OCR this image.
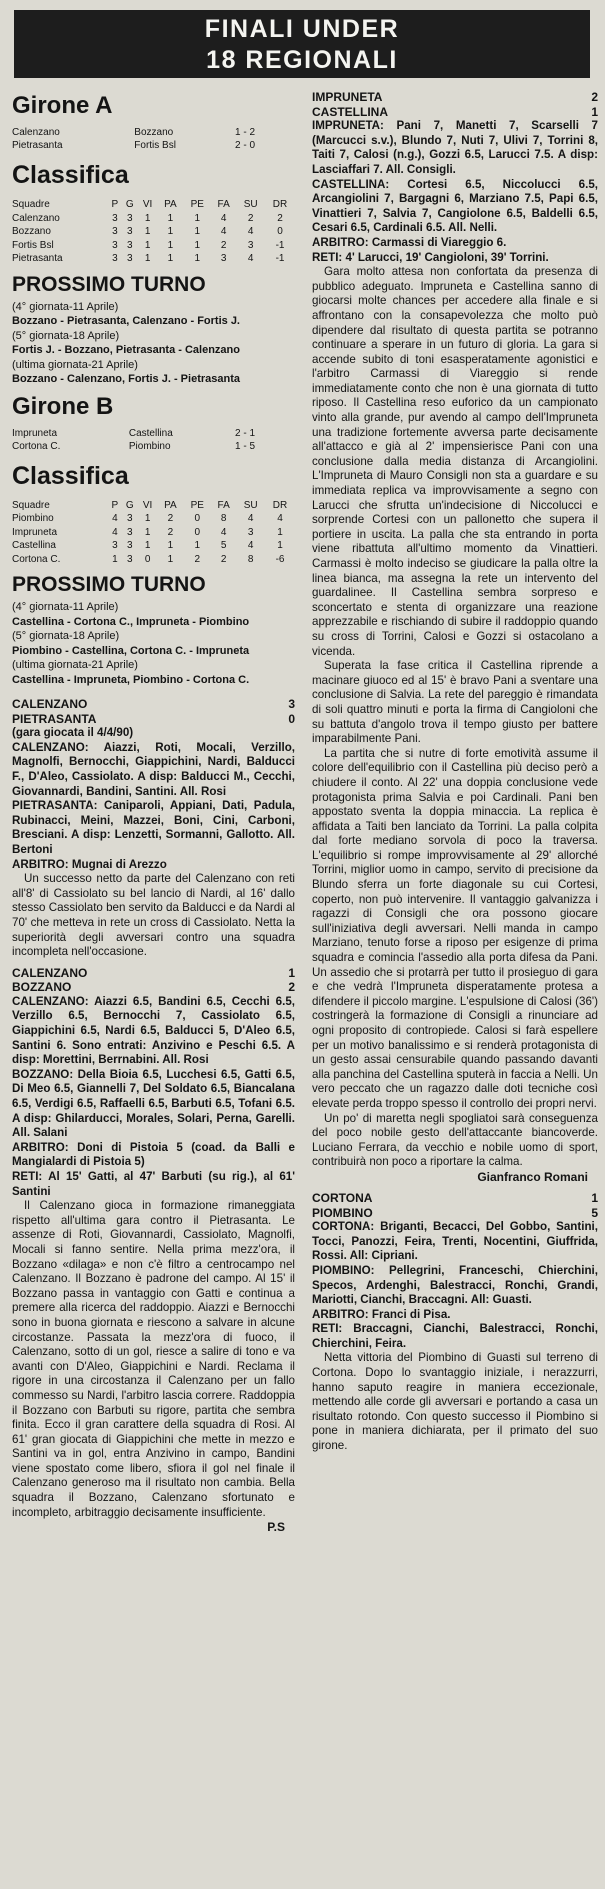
FINALI UNDER
18 REGIONALI
Girone A
Calenzano	Bozzano	1 - 2
Pietrasanta	Fortis Bsl	2 - 0
Classifica
Squadre	P	G	VI	PA	PE	FA	SU	DR
Calenzano	3	3	1	1	1	4	2	2
Bozzano	3	3	1	1	1	4	4	0
Fortis Bsl	3	3	1	1	1	2	3	-1
Pietrasanta	3	3	1	1	1	3	4	-1
PROSSIMO TURNO
(4° giornata-11 Aprile)
Bozzano - Pietrasanta, Calenzano - Fortis J.
(5° giornata-18 Aprile)
Fortis J. - Bozzano, Pietrasanta - Calenzano
(ultima giornata-21 Aprile)
Bozzano - Calenzano, Fortis J. - Pietrasanta
Girone B
Impruneta	Castellina	2 - 1
Cortona C.	Piombino	1 - 5
Classifica
Squadre	P	G	VI	PA	PE	FA	SU	DR
Piombino	4	3	1	2	0	8	4	4
Impruneta	4	3	1	2	0	4	3	1
Castellina	3	3	1	1	1	5	4	1
Cortona C.	1	3	0	1	2	2	8	-6
PROSSIMO TURNO
(4° giornata-11 Aprile)
Castellina - Cortona C., Impruneta - Piombino
(5° giornata-18 Aprile)
Piombino - Castellina, Cortona C. - Impruneta
(ultima giornata-21 Aprile)
Castellina - Impruneta, Piombino - Cortona C.
CALENZANO	3
PIETRASANTA	0

(gara giocata il 4/4/90)

CALENZANO: Aiazzi, Roti, Mocali, Verzillo, Magnolfi, Bernocchi, Giappichini, Nardi, Balducci F., D'Aleo, Cassiolato. A disp: Balducci M., Cecchi, Giovannardi, Bandini, Santini. All. Rosi

PIETRASANTA: Caniparoli, Appiani, Dati, Padula, Rubinacci, Meini, Mazzei, Boni, Cini, Carboni, Bresciani. A disp: Lenzetti, Sormanni, Gallotto. All. Bertoni

ARBITRO: Mugnai di Arezzo

Un successo netto da parte del Calenzano con reti all'8' di Cassiolato su bel lancio di Nardi, al 16' dallo stesso Cassiolato ben servito da Balducci e da Nardi al 70' che metteva in rete un cross di Cassiolato. Netta la superiorità degli avversari contro una squadra incompleta nell'occasione.

CALENZANO	1
BOZZANO	2

CALENZANO: Aiazzi 6.5, Bandini 6.5, Cecchi 6.5, Verzillo 6.5, Bernocchi 7, Cassiolato 6.5, Giappichini 6.5, Nardi 6.5, Balducci 5, D'Aleo 6.5, Santini 6. Sono entrati: Anzivino e Peschi 6.5. A disp: Morettini, Berrnabini. All. Rosi

BOZZANO: Della Bioia 6.5, Lucchesi 6.5, Gatti 6.5, Di Meo 6.5, Giannelli 7, Del Soldato 6.5, Biancalana 6.5, Verdigi 6.5, Raffaelli 6.5, Barbuti 6.5, Tofani 6.5. A disp: Ghilarducci, Morales, Solari, Perna, Garelli. All. Salani

ARBITRO: Doni di Pistoia 5 (coad. da Balli e Mangialardi di Pistoia 5)

RETI: Al 15' Gatti, al 47' Barbuti (su rig.), al 61' Santini

Il Calenzano gioca in formazione rimaneggiata rispetto all'ultima gara contro il Pietrasanta. Le assenze di Roti, Giovannardi, Cassiolato, Magnolfi, Mocali si fanno sentire. Nella prima mezz'ora, il Bozzano «dilaga» e non c'è filtro a centrocampo nel Calenzano. Il Bozzano è padrone del campo. Al 15' il Bozzano passa in vantaggio con Gatti e continua a premere alla ricerca del raddoppio. Aiazzi e Bernocchi sono in buona giornata e riescono a salvare in alcune circostanze. Passata la mezz'ora di fuoco, il Calenzano, sotto di un gol, riesce a salire di tono e va avanti con D'Aleo, Giappichini e Nardi. Reclama il rigore in una circostanza il Calenzano per un fallo commesso su Nardi, l'arbitro lascia correre. Raddoppia il Bozzano con Barbuti su rigore, partita che sembra finita. Ecco il gran carattere della squadra di Rosi. Al 61' gran giocata di Giappichini che mette in mezzo e Santini va in gol, entra Anzivino in campo, Bandini viene spostato come libero, sfiora il gol nel finale il Calenzano generoso ma il risultato non cambia. Bella squadra il Bozzano, Calenzano sfortunato e incompleto, arbitraggio decisamente insufficiente.

P.S
IMPRUNETA	2
CASTELLINA	1

IMPRUNETA: Pani 7, Manetti 7, Scarselli 7 (Marcucci s.v.), Blundo 7, Nuti 7, Ulivi 7, Torrini 8, Taiti 7, Calosi (n.g.), Gozzi 6.5, Larucci 7.5. A disp: Lasciaffari 7. All. Consigli.

CASTELLINA: Cortesi 6.5, Niccolucci 6.5, Arcangiolini 7, Bargagni 6, Marziano 7.5, Papi 6.5, Vinattieri 7, Salvia 7, Cangiolone 6.5, Baldelli 6.5, Cesari 6.5, Cardinali 6.5. All. Nelli.

ARBITRO: Carmassi di Viareggio 6.

RETI: 4' Larucci, 19' Cangioloni, 39' Torrini.

Gara molto attesa non confortata da presenza di pubblico adeguato. Impruneta e Castellina sanno di giocarsi molte chances per accedere alla finale e si affrontano con la consapevolezza che molto può dipendere dal risultato di questa partita se potranno continuare a sperare in un futuro di gloria. La gara si accende subito di toni esasperatamente agonistici e l'arbitro Carmassi di Viareggio si rende immediatamente conto che non è una giornata di tutto riposo. Il Castellina reso euforico da un campionato vinto alla grande, pur avendo al campo dell'Impruneta una tradizione fortemente avversa parte decisamente all'attacco e già al 2' impensierisce Pani con una conclusione dalla media distanza di Arcangiolini. L'Impruneta di Mauro Consigli non sta a guardare e su immediata replica va improvvisamente a segno con Larucci che sfrutta un'indecisione di Niccolucci e sorprende Cortesi con un pallonetto che supera il portiere in uscita. La palla che sta entrando in porta viene ribattuta all'ultimo momento da Vinattieri. Carmassi è molto indeciso se giudicare la palla oltre la linea bianca, ma assegna la rete un intervento del guardalinee. Il Castellina sembra sorpreso e sconcertato e stenta di organizzare una reazione apprezzabile e rischiando di subire il raddoppio quando su cross di Torrini, Calosi e Gozzi si ostacolano a vicenda.

Superata la fase critica il Castellina riprende a macinare giuoco ed al 15' è bravo Pani a sventare una conclusione di Salvia. La rete del pareggio è rimandata di soli quattro minuti e porta la firma di Cangioloni che su battuta d'angolo trova il tempo giusto per battere imparabilmente Pani.

La partita che si nutre di forte emotività assume il colore dell'equilibrio con il Castellina più deciso però a chiudere il conto. Al 22' una doppia conclusione vede protagonista prima Salvia e poi Cardinali. Pani ben appostato sventa la doppia minaccia. La replica è affidata a Taiti ben lanciato da Torrini. La palla colpita dal forte mediano sorvola di poco la traversa. L'equilibrio si rompe improvvisamente al 29' allorché Torrini, miglior uomo in campo, servito di precisione da Blundo sferra un forte diagonale su cui Cortesi, coperto, non può intervenire. Il vantaggio galvanizza i ragazzi di Consigli che ora possono giocare sull'iniziativa degli avversari. Nelli manda in campo Marziano, tenuto forse a riposo per esigenze di prima squadra e comincia l'assedio alla porta difesa da Pani. Un assedio che si protarrà per tutto il prosieguo di gara e che vedrà l'Impruneta disperatamente protesa a difendere il piccolo margine. L'espulsione di Calosi (36') costringerà la formazione di Consigli a rinunciare ad ogni proposito di contropiede. Calosi si farà espellere per un motivo banalissimo e si renderà protagonista di un gesto assai censurabile quando passando davanti alla panchina del Castellina sputerà in faccia a Nelli. Un vero peccato che un ragazzo dalle doti tecniche così elevate perda troppo spesso il controllo dei propri nervi.

Un po' di maretta negli spogliatoi sarà conseguenza del poco nobile gesto dell'attaccante biancoverde. Luciano Ferrara, da vecchio e nobile uomo di sport, contribuirà non poco a riportare la calma.

Gianfranco Romani
CORTONA	1
PIOMBINO	5

CORTONA: Briganti, Becacci, Del Gobbo, Santini, Tocci, Panozzi, Feira, Trenti, Nocentini, Giuffrida, Rossi. All: Cipriani.

PIOMBINO: Pellegrini, Franceschi, Chierchini, Specos, Ardenghi, Balestracci, Ronchi, Grandi, Mariotti, Cianchi, Braccagni. All: Guasti.

ARBITRO: Franci di Pisa.

RETI: Braccagni, Cianchi, Balestracci, Ronchi, Chierchini, Feira.

Netta vittoria del Piombino di Guasti sul terreno di Cortona. Dopo lo svantaggio iniziale, i nerazzurri, hanno saputo reagire in maniera eccezionale, mettendo alle corde gli avversari e portando a casa un risultato rotondo. Con questo successo il Piombino si pone in maniera dichiarata, per il primato del suo girone.
